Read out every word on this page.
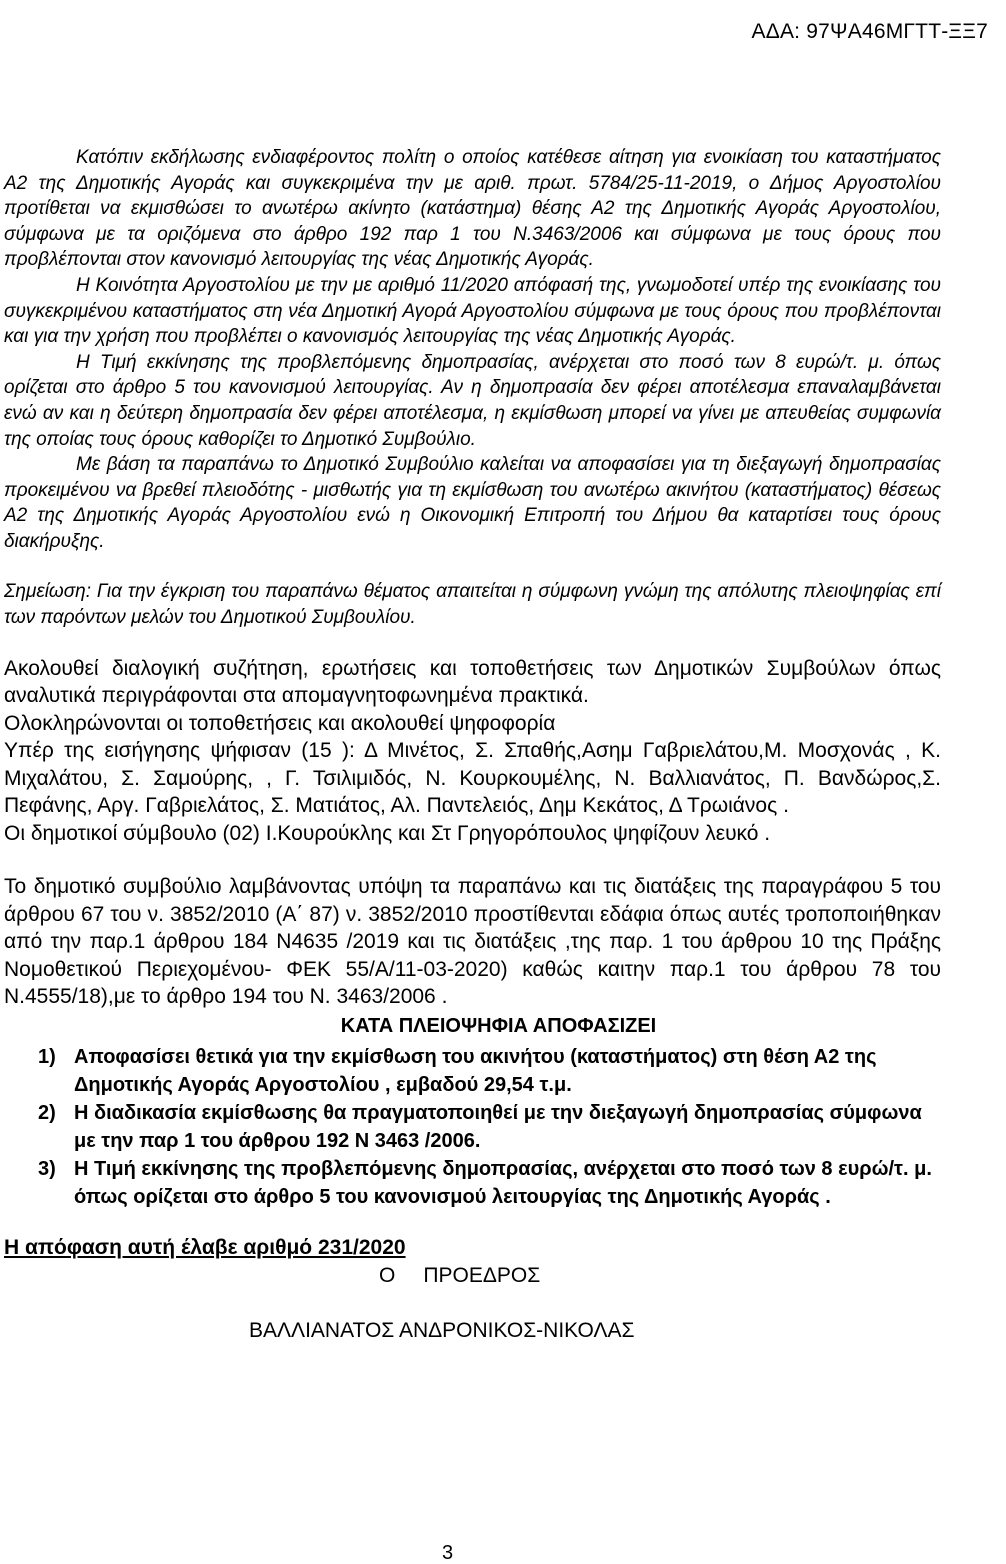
ΑΔΑ: 97ΨΑ46ΜΓΤΤ-ΞΞ7

Κατόπιν εκδήλωσης ενδιαφέροντος πολίτη ο οποίος κατέθεσε αίτηση για ενοικίαση του καταστήματος Α2 της Δημοτικής Αγοράς και συγκεκριμένα την με αριθ. πρωτ. 5784/25-11-2019, ο Δήμος Αργοστολίου προτίθεται να εκμισθώσει το ανωτέρω ακίνητο (κατάστημα) θέσης Α2 της Δημοτικής Αγοράς Αργοστολίου, σύμφωνα με τα οριζόμενα στο άρθρο 192 παρ 1 του Ν.3463/2006 και σύμφωνα με τους όρους που προβλέπονται στον κανονισμό λειτουργίας της νέας Δημοτικής Αγοράς.

Η Κοινότητα Αργοστολίου με την με αριθμό 11/2020 απόφασή της, γνωμοδοτεί υπέρ της ενοικίασης του συγκεκριμένου καταστήματος στη νέα Δημοτική Αγορά Αργοστολίου σύμφωνα με τους όρους που προβλέπονται και για την χρήση που προβλέπει ο κανονισμός λειτουργίας της νέας Δημοτικής Αγοράς.

Η Τιμή εκκίνησης της προβλεπόμενης δημοπρασίας, ανέρχεται στο ποσό των 8 ευρώ/τ. μ. όπως ορίζεται στο άρθρο 5 του κανονισμού λειτουργίας. Αν η δημοπρασία δεν φέρει αποτέλεσμα επαναλαμβάνεται ενώ αν και η δεύτερη δημοπρασία δεν φέρει αποτέλεσμα, η εκμίσθωση μπορεί να γίνει με απευθείας συμφωνία της οποίας τους όρους καθορίζει το Δημοτικό Συμβούλιο.

Με βάση τα παραπάνω το Δημοτικό Συμβούλιο καλείται να αποφασίσει για τη διεξαγωγή δημοπρασίας προκειμένου να βρεθεί πλειοδότης - μισθωτής για τη εκμίσθωση του ανωτέρω ακινήτου (καταστήματος) θέσεως Α2 της Δημοτικής Αγοράς Αργοστολίου ενώ η Οικονομική Επιτροπή του Δήμου θα καταρτίσει τους όρους διακήρυξης.

Σημείωση: Για την έγκριση του παραπάνω θέματος απαιτείται η σύμφωνη γνώμη της απόλυτης πλειοψηφίας επί των παρόντων μελών του Δημοτικού Συμβουλίου.

Ακολουθεί διαλογική συζήτηση, ερωτήσεις και τοποθετήσεις των Δημοτικών Συμβούλων όπως αναλυτικά περιγράφονται στα απομαγνητοφωνημένα πρακτικά.

Ολοκληρώνονται οι τοποθετήσεις και ακολουθεί ψηφοφορία

Υπέρ της εισήγησης ψήφισαν (15 ): Δ Μινέτος, Σ. Σπαθής,Ασημ Γαβριελάτου,Μ. Μοσχονάς , Κ. Μιχαλάτου, Σ. Σαμούρης, , Γ. Τσιλιμιδός, Ν. Κουρκουμέλης, Ν. Βαλλιανάτος, Π. Βανδώρος,Σ. Πεφάνης, Αργ. Γαβριελάτος, Σ. Ματιάτος, Αλ. Παντελειός, Δημ Κεκάτος, Δ Τρωιάνος .

Οι δημοτικοί σύμβουλο (02) Ι.Κουρούκλης και Στ Γρηγορόπουλος ψηφίζουν λευκό .

Το δημοτικό συμβούλιο λαμβάνοντας υπόψη τα παραπάνω και τις διατάξεις της παραγράφου 5 του άρθρου 67 του ν. 3852/2010 (Α΄ 87) ν. 3852/2010 προστίθενται εδάφια όπως αυτές τροποποιήθηκαν από την παρ.1 άρθρου 184 Ν4635 /2019 και τις διατάξεις ,της παρ. 1 του άρθρου 10 της Πράξης Νομοθετικού Περιεχομένου- ΦΕΚ 55/Α/11-03-2020) καθώς καιτην παρ.1 του άρθρου 78 του Ν.4555/18),με το άρθρο 194 του Ν. 3463/2006 .

ΚΑΤΑ ΠΛΕΙΟΨΗΦΙΑ ΑΠΟΦΑΣΙΖΕΙ
1) Αποφασίσει θετικά για την εκμίσθωση του ακινήτου (καταστήματος) στη θέση Α2 της Δημοτικής Αγοράς Αργοστολίου , εμβαδού 29,54 τ.μ.
2) Η διαδικασία εκμίσθωσης θα πραγματοποιηθεί με την διεξαγωγή δημοπρασίας σύμφωνα με την παρ 1 του άρθρου 192 Ν 3463 /2006.
3) Η Τιμή εκκίνησης της προβλεπόμενης δημοπρασίας, ανέρχεται στο ποσό των 8 ευρώ/τ. μ. όπως ορίζεται στο άρθρο 5 του κανονισμού λειτουργίας της Δημοτικής Αγοράς .
Η απόφαση αυτή έλαβε αριθμό 231/2020

Ο ΠΡΟΕΔΡΟΣ

ΒΑΛΛΙΑΝΑΤΟΣ ΑΝΔΡΟΝΙΚΟΣ-ΝΙΚΟΛΑΣ

3
